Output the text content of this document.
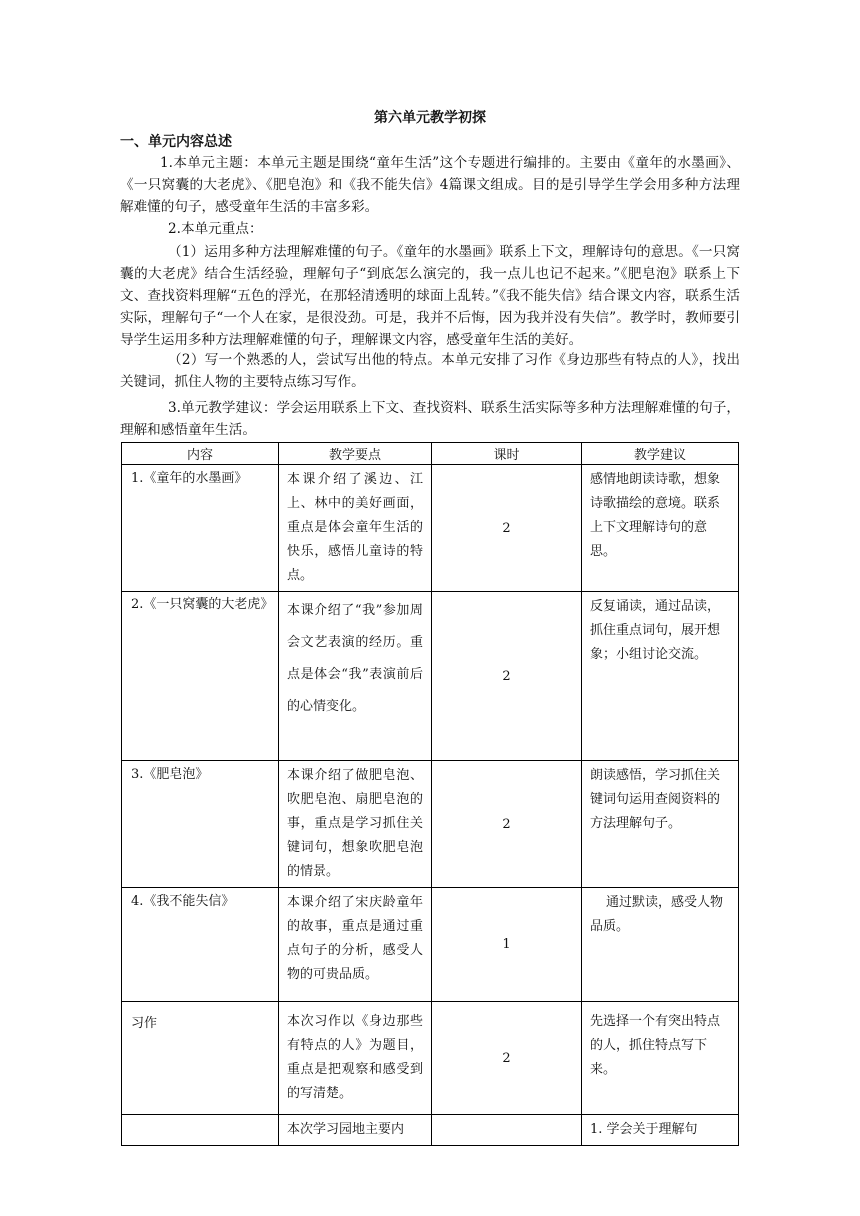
第六单元教学初探
一、单元内容总述
1.本单元主题：本单元主题是围绕“童年生活”这个专题进行编排的。主要由《童年的水墨画》、《一只窝囊的大老虎》、《肥皂泡》和《我不能失信》4篇课文组成。目的是引导学生学会用多种方法理解难懂的句子，感受童年生活的丰富多彩。
2.本单元重点：
（1）运用多种方法理解难懂的句子。《童年的水墨画》联系上下文，理解诗句的意思。《一只窝囊的大老虎》结合生活经验，理解句子“到底怎么演完的，我一点儿也记不起来。”《肥皂泡》联系上下文、查找资料理解“五色的浮光，在那轻清透明的球面上乱转。”《我不能失信》结合课文内容，联系生活实际，理解句子“一个人在家，是很没劲。可是，我并不后悔，因为我并没有失信”。教学时，教师要引导学生运用多种方法理解难懂的句子，理解课文内容，感受童年生活的美好。
（2）写一个熟悉的人，尝试写出他的特点。本单元安排了习作《身边那些有特点的人》，找出关键词，抓住人物的主要特点练习写作。
3.单元教学建议：学会运用联系上下文、查找资料、联系生活实际等多种方法理解难懂的句子，理解和感悟童年生活。
内容	教学要点	课时	教学建议
1.《童年的水墨画》	本课介绍了溪边、江上、林中的美好画面，重点是体会童年生活的快乐，感悟儿童诗的特点。	2	感情地朗读诗歌，想象诗歌描绘的意境。联系上下文理解诗句的意思。
2.《一只窝囊的大老虎》	本课介绍了“我”参加周会文艺表演的经历。重点是体会“我”表演前后的心情变化。	2	反复诵读，通过品读，抓住重点词句，展开想象；小组讨论交流。
3.《肥皂泡》	本课介绍了做肥皂泡、吹肥皂泡、扇肥皂泡的事，重点是学习抓住关键词句，想象吹肥皂泡的情景。	2	朗读感悟，学习抓住关键词句运用查阅资料的方法理解句子。
4.《我不能失信》	本课介绍了宋庆龄童年的故事，重点是通过重点句子的分析，感受人物的可贵品质。	1	通过默读，感受人物品质。
习作	本次习作以《身边那些有特点的人》为题目，重点是把观察和感受到的写清楚。	2	先选择一个有突出特点的人，抓住特点写下来。
	本次学习园地主要内		1. 学会关于理解句
